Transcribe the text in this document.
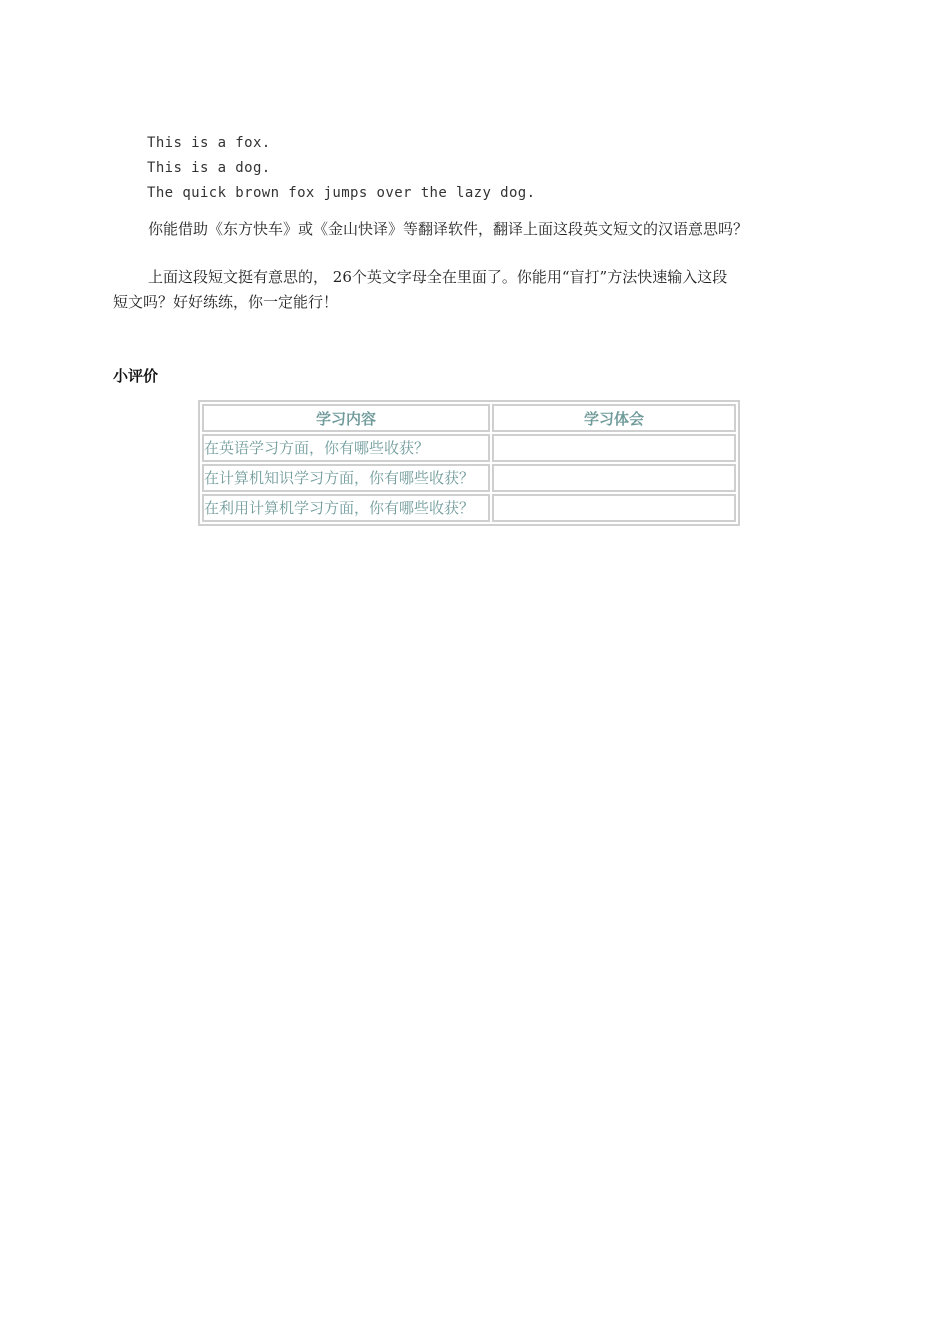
This is a fox.
This is a dog.
The quick brown fox jumps over the lazy dog.
你能借助《东方快车》或《金山快译》等翻译软件，翻译上面这段英文短文的汉语意思吗？
上面这段短文挺有意思的， 26个英文字母全在里面了。你能用“盲打”方法快速输入这段
短文吗？好好练练，你一定能行！
小评价
学习内容	学习体会
在英语学习方面，你有哪些收获？	
在计算机知识学习方面，你有哪些收获？	
在利用计算机学习方面，你有哪些收获？	
